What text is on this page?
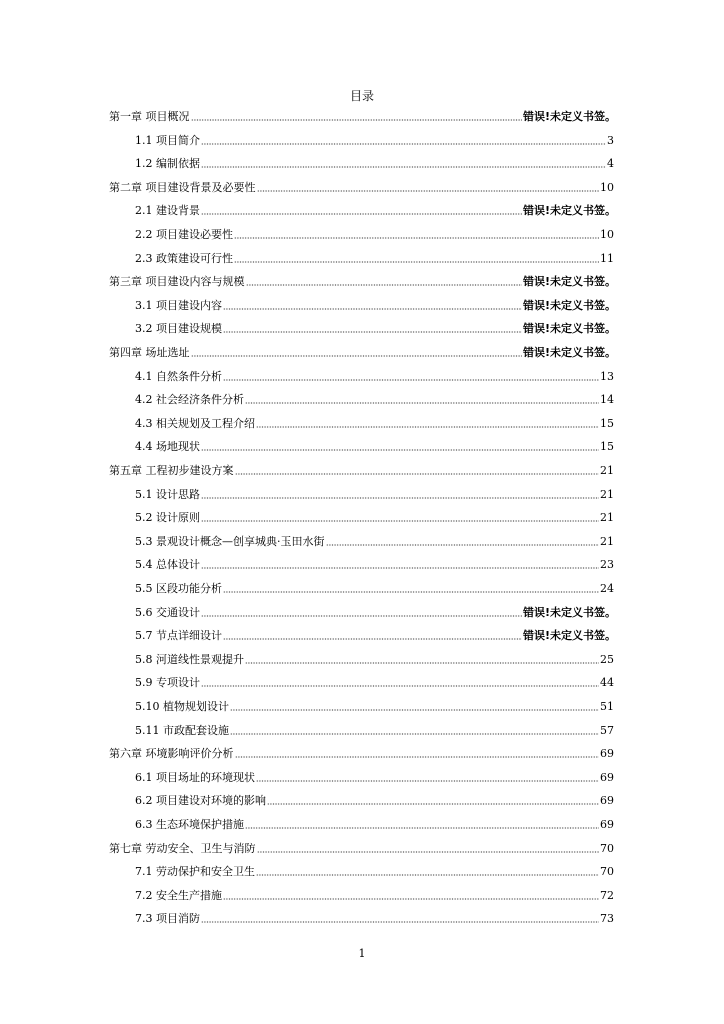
目录
第一章 项目概况	错误!未定义书签。
1.1 项目简介	3
1.2 编制依据	4
第二章 项目建设背景及必要性	10
2.1 建设背景	错误!未定义书签。
2.2 项目建设必要性	10
2.3 政策建设可行性	11
第三章 项目建设内容与规模	错误!未定义书签。
3.1 项目建设内容	错误!未定义书签。
3.2 项目建设规模	错误!未定义书签。
第四章 场址选址	错误!未定义书签。
4.1 自然条件分析	13
4.2 社会经济条件分析	14
4.3 相关规划及工程介绍	15
4.4 场地现状	15
第五章 工程初步建设方案	21
5.1 设计思路	21
5.2 设计原则	21
5.3 景观设计概念—创享城典·玉田水街	21
5.4 总体设计	23
5.5 区段功能分析	24
5.6 交通设计	错误!未定义书签。
5.7 节点详细设计	错误!未定义书签。
5.8 河道线性景观提升	25
5.9 专项设计	44
5.10 植物规划设计	51
5.11 市政配套设施	57
第六章 环境影响评价分析	69
6.1 项目场址的环境现状	69
6.2 项目建设对环境的影响	69
6.3 生态环境保护措施	69
第七章 劳动安全、卫生与消防	70
7.1 劳动保护和安全卫生	70
7.2 安全生产措施	72
7.3 项目消防	73
1
